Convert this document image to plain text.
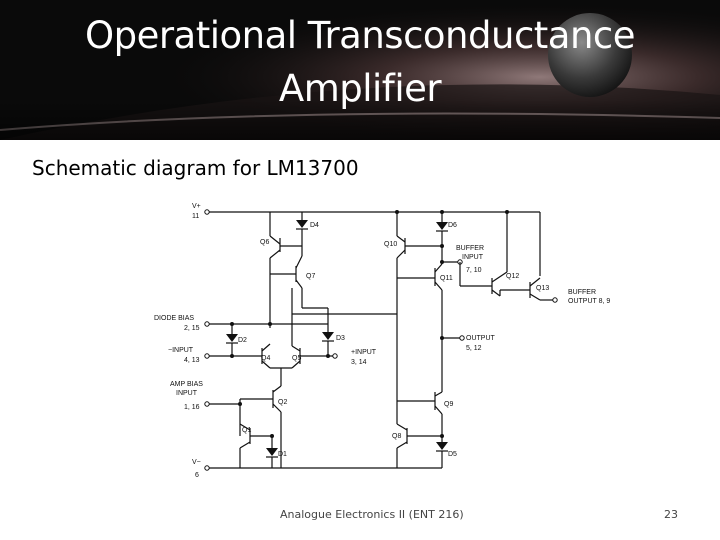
Operational Transconductance
Amplifier
Schematic diagram for LM13700
V+
11
V−
6
DIODE BIAS
2, 15
−INPUT
4, 13
AMP BIAS
INPUT
1, 16
+INPUT
3, 14
OUTPUT
5, 12
BUFFER
INPUT
7, 10
BUFFER
OUTPUT 8, 9
Q1
Q2
Q4	Q5
Q6
Q7
Q8
Q9
Q10
Q11	Q12
Q13
D1
D2	D3
D4
D5
D6
Analogue Electronics II (ENT 216)	23
